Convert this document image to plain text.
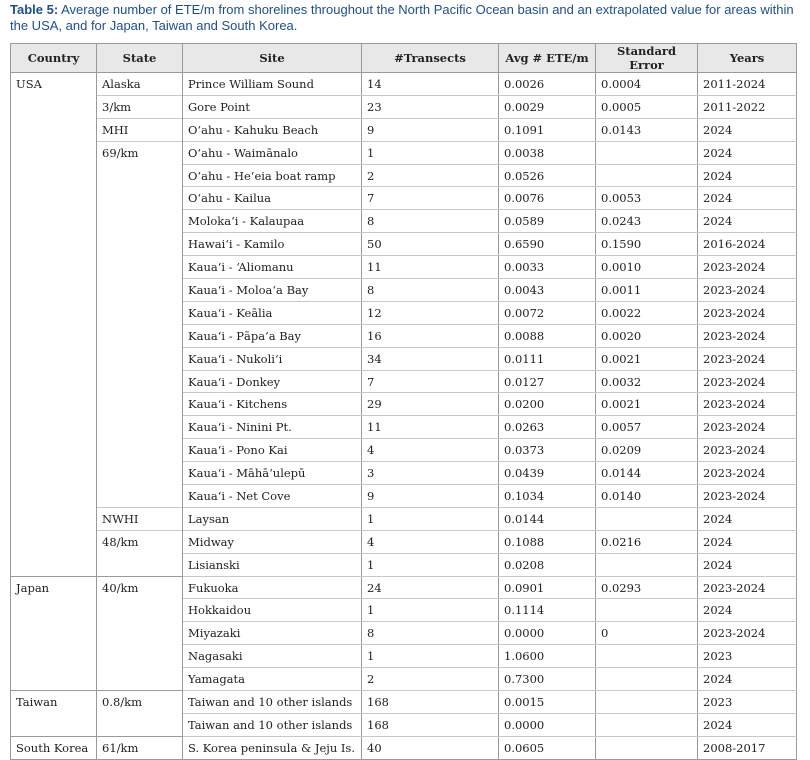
Table 5: Average number of ETE/m from shorelines throughout the North Pacific Ocean basin and an extrapolated value for areas within the USA, and for Japan, Taiwan and South Korea.
Country	State	Site	#Transects	Avg # ETE/m	Standard Error	Years
USA	Alaska	Prince William Sound	14	0.0026	0.0004	2011-2024
	3/km	Gore Point	23	0.0029	0.0005	2011-2022
	MHI	O‘ahu - Kahuku Beach	9	0.1091	0.0143	2024
	69/km	O‘ahu - Waimānalo	1	0.0038		2024
		O‘ahu - He‘eia boat ramp	2	0.0526		2024
		O‘ahu - Kailua	7	0.0076	0.0053	2024
		Moloka‘i - Kalaupaa	8	0.0589	0.0243	2024
		Hawai‘i - Kamilo	50	0.6590	0.1590	2016-2024
		Kaua‘i - ‘Aliomanu	11	0.0033	0.0010	2023-2024
		Kaua‘i - Moloa‘a Bay	8	0.0043	0.0011	2023-2024
		Kaua‘i - Keālia	12	0.0072	0.0022	2023-2024
		Kaua‘i - Pāpa‘a Bay	16	0.0088	0.0020	2023-2024
		Kaua‘i - Nukoli‘i	34	0.0111	0.0021	2023-2024
		Kaua‘i - Donkey	7	0.0127	0.0032	2023-2024
		Kaua‘i - Kitchens	29	0.0200	0.0021	2023-2024
		Kaua‘i - Ninini Pt.	11	0.0263	0.0057	2023-2024
		Kaua‘i - Pono Kai	4	0.0373	0.0209	2023-2024
		Kaua‘i - Māhā‘ulepū	3	0.0439	0.0144	2023-2024
		Kaua‘i - Net Cove	9	0.1034	0.0140	2023-2024
	NWHI	Laysan	1	0.0144		2024
	48/km	Midway	4	0.1088	0.0216	2024
		Lisianski	1	0.0208		2024
Japan	40/km	Fukuoka	24	0.0901	0.0293	2023-2024
		Hokkaidou	1	0.1114		2024
		Miyazaki	8	0.0000	0	2023-2024
		Nagasaki	1	1.0600		2023
		Yamagata	2	0.7300		2024
Taiwan	0.8/km	Taiwan and 10 other islands	168	0.0015		2023
		Taiwan and 10 other islands	168	0.0000		2024
South Korea	61/km	S. Korea peninsula & Jeju Is.	40	0.0605		2008-2017
